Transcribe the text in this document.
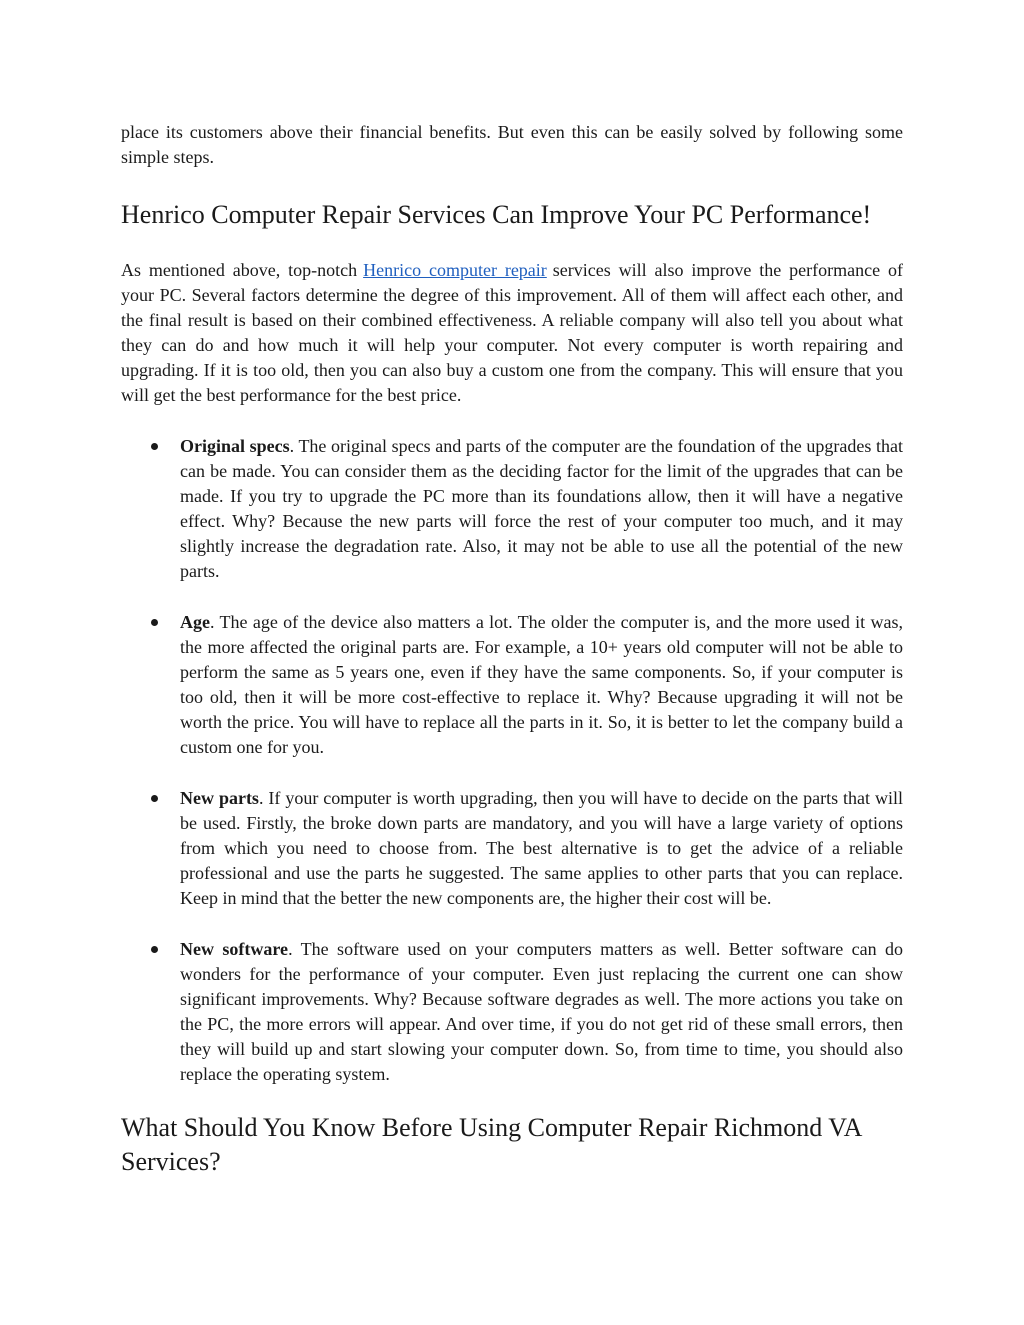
place its customers above their financial benefits. But even this can be easily solved by following some simple steps.

Henrico Computer Repair Services Can Improve Your PC Performance!

As mentioned above, top-notch Henrico computer repair services will also improve the performance of your PC. Several factors determine the degree of this improvement. All of them will affect each other, and the final result is based on their combined effectiveness. A reliable company will also tell you about what they can do and how much it will help your computer. Not every computer is worth repairing and upgrading. If it is too old, then you can also buy a custom one from the company. This will ensure that you will get the best performance for the best price.

Original specs. The original specs and parts of the computer are the foundation of the upgrades that can be made. You can consider them as the deciding factor for the limit of the upgrades that can be made. If you try to upgrade the PC more than its foundations allow, then it will have a negative effect. Why? Because the new parts will force the rest of your computer too much, and it may slightly increase the degradation rate. Also, it may not be able to use all the potential of the new parts.

Age. The age of the device also matters a lot. The older the computer is, and the more used it was, the more affected the original parts are. For example, a 10+ years old computer will not be able to perform the same as 5 years one, even if they have the same components. So, if your computer is too old, then it will be more cost-effective to replace it. Why? Because upgrading it will not be worth the price. You will have to replace all the parts in it. So, it is better to let the company build a custom one for you.

New parts. If your computer is worth upgrading, then you will have to decide on the parts that will be used. Firstly, the broke down parts are mandatory, and you will have a large variety of options from which you need to choose from. The best alternative is to get the advice of a reliable professional and use the parts he suggested. The same applies to other parts that you can replace. Keep in mind that the better the new components are, the higher their cost will be.

New software. The software used on your computers matters as well. Better software can do wonders for the performance of your computer. Even just replacing the current one can show significant improvements. Why? Because software degrades as well. The more actions you take on the PC, the more errors will appear. And over time, if you do not get rid of these small errors, then they will build up and start slowing your computer down. So, from time to time, you should also replace the operating system.

What Should You Know Before Using Computer Repair Richmond VA Services?
